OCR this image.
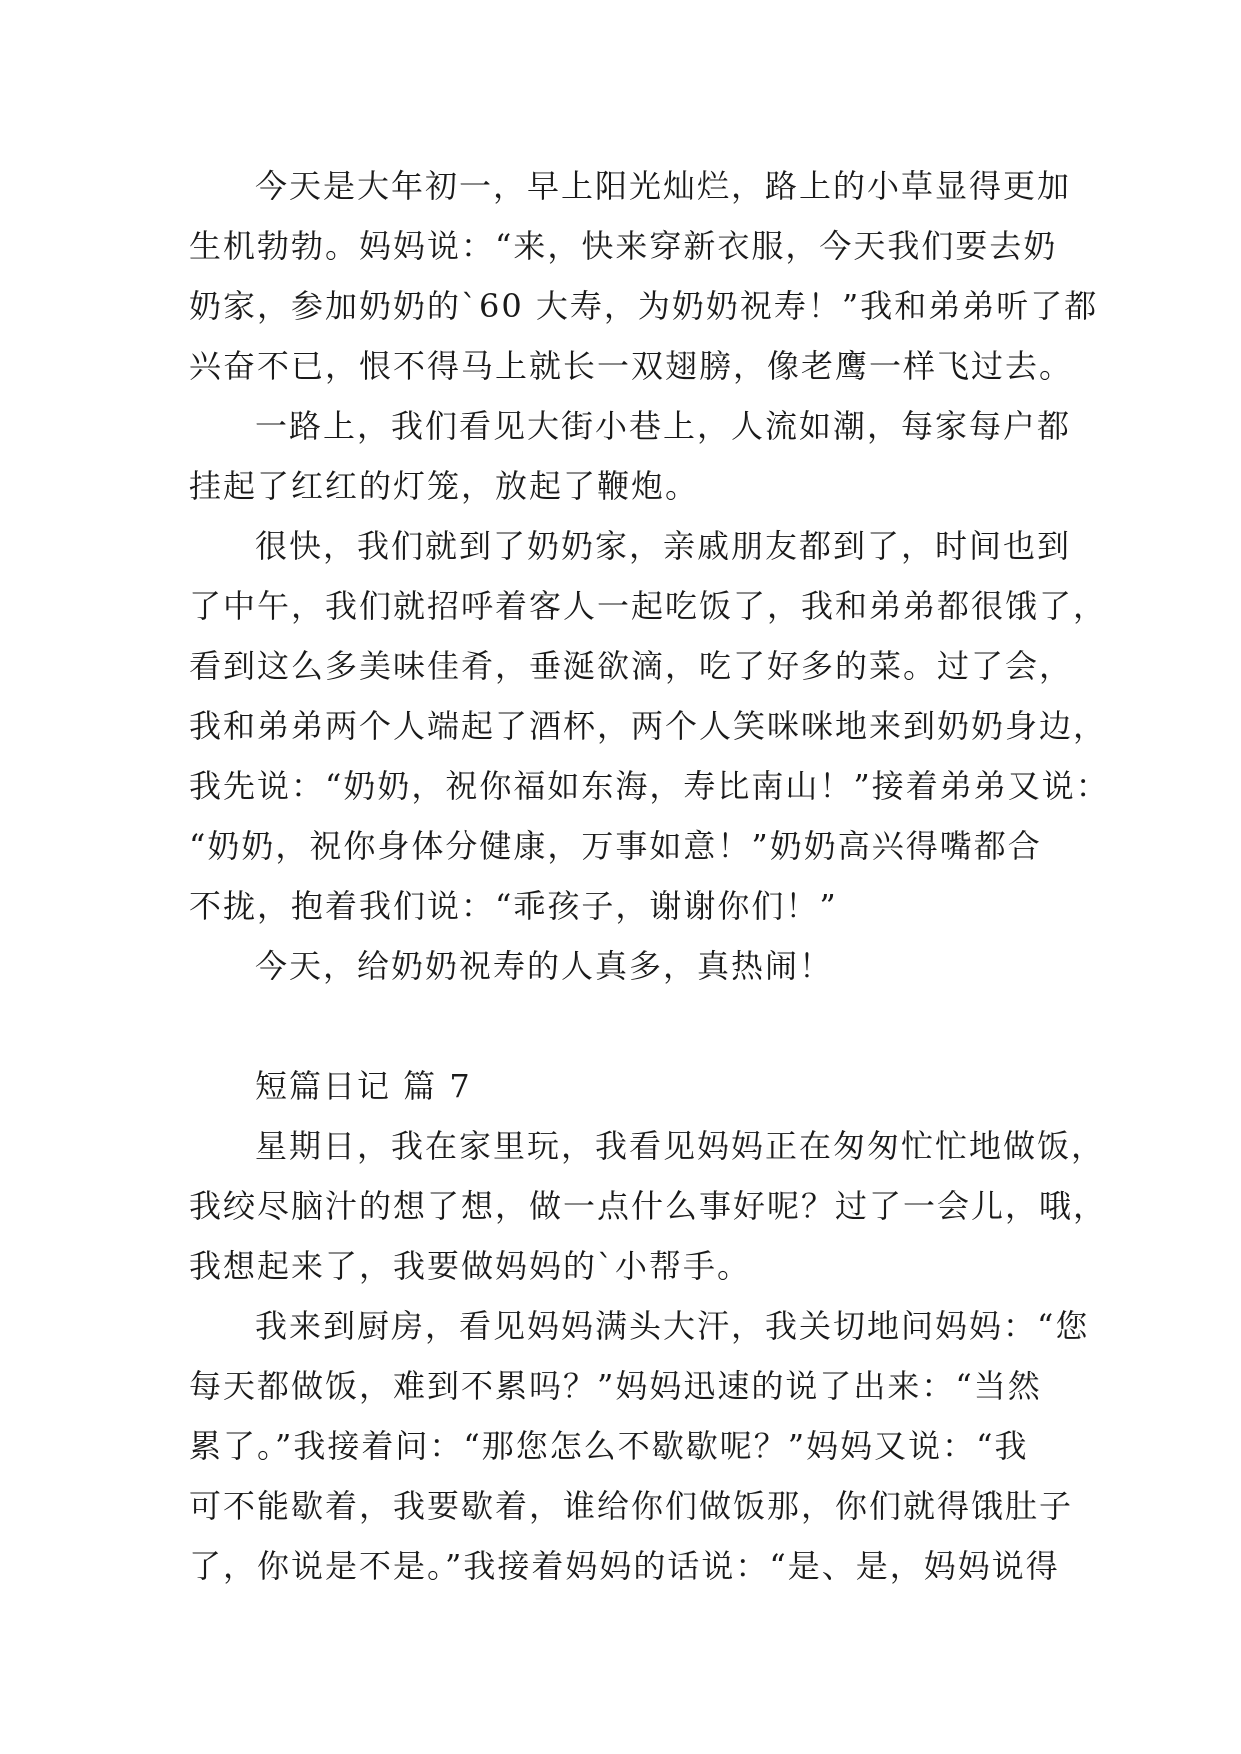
今天是大年初一，早上阳光灿烂，路上的小草显得更加
生机勃勃。妈妈说：“来，快来穿新衣服，今天我们要去奶
奶家，参加奶奶的`60 大寿，为奶奶祝寿！”我和弟弟听了都
兴奋不已，恨不得马上就长一双翅膀，像老鹰一样飞过去。
一路上，我们看见大街小巷上，人流如潮，每家每户都
挂起了红红的灯笼，放起了鞭炮。
很快，我们就到了奶奶家，亲戚朋友都到了，时间也到
了中午，我们就招呼着客人一起吃饭了，我和弟弟都很饿了，
看到这么多美味佳肴，垂涎欲滴，吃了好多的菜。过了会，
我和弟弟两个人端起了酒杯，两个人笑咪咪地来到奶奶身边，
我先说：“奶奶，祝你福如东海，寿比南山！”接着弟弟又说：
“奶奶，祝你身体分健康，万事如意！”奶奶高兴得嘴都合
不拢，抱着我们说：“乖孩子，谢谢你们！”
今天，给奶奶祝寿的人真多，真热闹！
短篇日记 篇 7
星期日，我在家里玩，我看见妈妈正在匆匆忙忙地做饭，
我绞尽脑汁的想了想，做一点什么事好呢？过了一会儿，哦，
我想起来了，我要做妈妈的`小帮手。
我来到厨房，看见妈妈满头大汗，我关切地问妈妈：“您
每天都做饭，难到不累吗？”妈妈迅速的说了出来：“当然
累了。”我接着问：“那您怎么不歇歇呢？”妈妈又说：“我
可不能歇着，我要歇着，谁给你们做饭那，你们就得饿肚子
了，你说是不是。”我接着妈妈的话说：“是、是，妈妈说得
